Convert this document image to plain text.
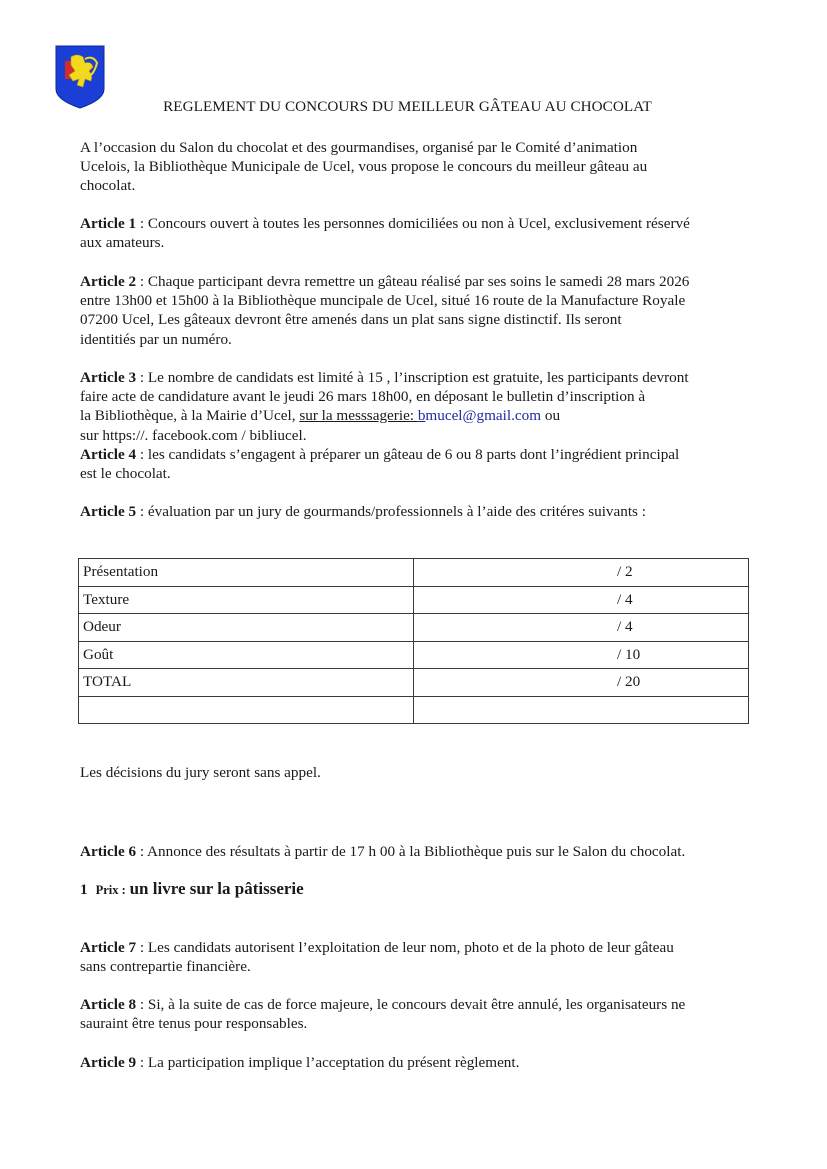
REGLEMENT DU CONCOURS DU MEILLEUR GÂTEAU AU CHOCOLAT
A l’occasion du Salon du chocolat et des gourmandises, organisé par le Comité d’animation
Ucelois, la Bibliothèque Municipale de Ucel, vous propose le concours du meilleur gâteau au
chocolat.
Article 1 : Concours ouvert à toutes les personnes domiciliées ou non à Ucel, exclusivement réservé
aux amateurs.
Article 2 : Chaque participant devra remettre un gâteau réalisé par ses soins le samedi 28 mars 2026
entre 13h00 et 15h00 à la Bibliothèque muncipale de Ucel, situé 16 route de la Manufacture Royale
07200 Ucel, Les gâteaux devront être amenés dans un plat sans signe distinctif. Ils seront
identitiés par un numéro.
Article 3 : Le nombre de candidats est limité à 15 , l’inscription est gratuite, les participants devront
faire acte de candidature avant le jeudi 26 mars 18h00, en déposant le bulletin d’inscription à
la Bibliothèque, à la Mairie d’Ucel, sur la messsagerie: bmucel@gmail.com ou
sur https://. facebook.com / bibliucel.
Article 4 : les candidats s’engagent à préparer un gâteau de 6 ou 8 parts dont l’ingrédient principal
est le chocolat.
Article 5 : évaluation par un jury de gourmands/professionnels à l’aide des critéres suivants :
Présentation	/ 2
Texture	/ 4
Odeur	/ 4
Goût	/ 10
TOTAL	/ 20

Les décisions du jury seront sans appel.
Article 6 : Annonce des résultats à partir de 17 h 00 à la Bibliothèque puis sur le Salon du chocolat.
1 Prix : un livre sur la pâtisserie
Article 7 : Les candidats autorisent l’exploitation de leur nom, photo et de la photo de leur gâteau
sans contrepartie financière.
Article 8 : Si, à la suite de cas de force majeure, le concours devait être annulé, les organisateurs ne
sauraint être tenus pour responsables.
Article 9 : La participation implique l’acceptation du présent règlement.
